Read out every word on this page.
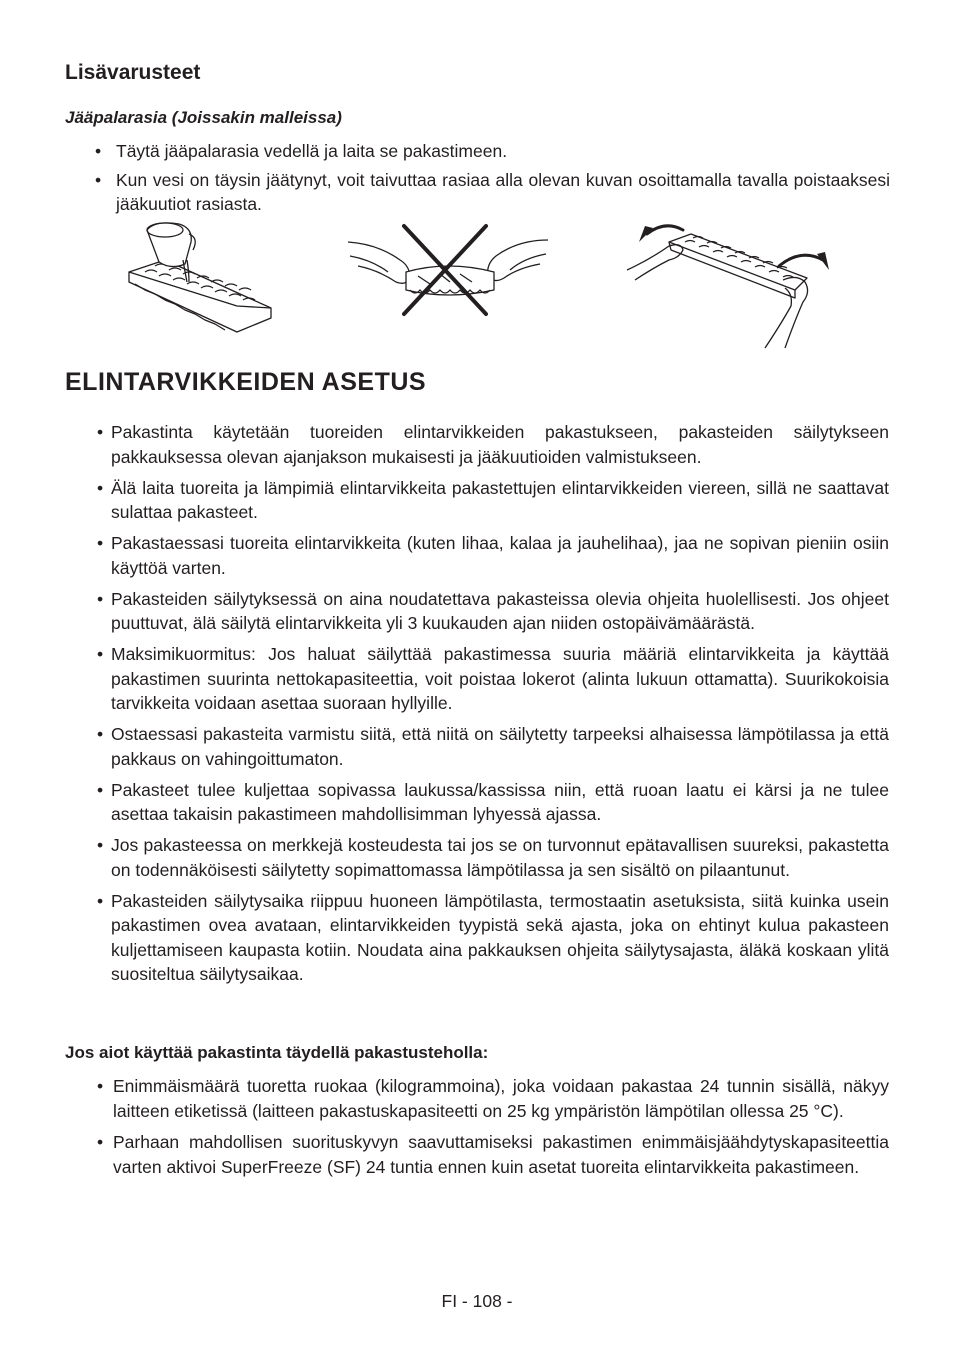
Lisävarusteet
Jääpalarasia (Joissakin malleissa)
• Täytä jääpalarasia vedellä ja laita se pakastimeen.
• Kun vesi on täysin jäätynyt, voit taivuttaa rasiaa alla olevan kuvan osoittamalla tavalla poistaaksesi jääkuutiot rasiasta.
ELINTARVIKKEIDEN ASETUS
• Pakastinta käytetään tuoreiden elintarvikkeiden pakastukseen, pakasteiden säilytykseen pakkauksessa olevan ajanjakson mukaisesti ja jääkuutioiden valmistukseen.
• Älä laita tuoreita ja lämpimiä elintarvikkeita pakastettujen elintarvikkeiden viereen, sillä ne saattavat sulattaa pakasteet.
• Pakastaessasi tuoreita elintarvikkeita (kuten lihaa, kalaa ja jauhelihaa), jaa ne sopivan pieniin osiin käyttöä varten.
• Pakasteiden säilytyksessä on aina noudatettava pakasteissa olevia ohjeita huolellisesti. Jos ohjeet puuttuvat, älä säilytä elintarvikkeita yli 3 kuukauden ajan niiden ostopäivämäärästä.
• Maksimikuormitus: Jos haluat säilyttää pakastimessa suuria määriä elintarvikkeita ja käyttää pakastimen suurinta nettokapasiteettia, voit poistaa lokerot (alinta lukuun ottamatta). Suurikokoisia tarvikkeita voidaan asettaa suoraan hyllyille.
• Ostaessasi pakasteita varmistu siitä, että niitä on säilytetty tarpeeksi alhaisessa lämpötilassa ja että pakkaus on vahingoittumaton.
• Pakasteet tulee kuljettaa sopivassa laukussa/kassissa niin, että ruoan laatu ei kärsi ja ne tulee asettaa takaisin pakastimeen mahdollisimman lyhyessä ajassa.
• Jos pakasteessa on merkkejä kosteudesta tai jos se on turvonnut epätavallisen suureksi, pakastetta on todennäköisesti säilytetty sopimattomassa lämpötilassa ja sen sisältö on pilaantunut.
• Pakasteiden säilytysaika riippuu huoneen lämpötilasta, termostaatin asetuksista, siitä kuinka usein pakastimen ovea avataan, elintarvikkeiden tyypistä sekä ajasta, joka on ehtinyt kulua pakasteen kuljettamiseen kaupasta kotiin. Noudata aina pakkauksen ohjeita säilytysajasta, äläkä koskaan ylitä suositeltua säilytysaikaa.
Jos aiot käyttää pakastinta täydellä pakastusteholla:
• Enimmäismäärä tuoretta ruokaa (kilogrammoina), joka voidaan pakastaa 24 tunnin sisällä, näkyy laitteen etiketissä (laitteen pakastuskapasiteetti on 25 kg ympäristön lämpötilan ollessa 25 °C).
• Parhaan mahdollisen suorituskyvyn saavuttamiseksi pakastimen enimmäisjäähdytyskapasiteettia varten aktivoi SuperFreeze (SF) 24 tuntia ennen kuin asetat tuoreita elintarvikkeita pakastimeen.
FI - 108 -
